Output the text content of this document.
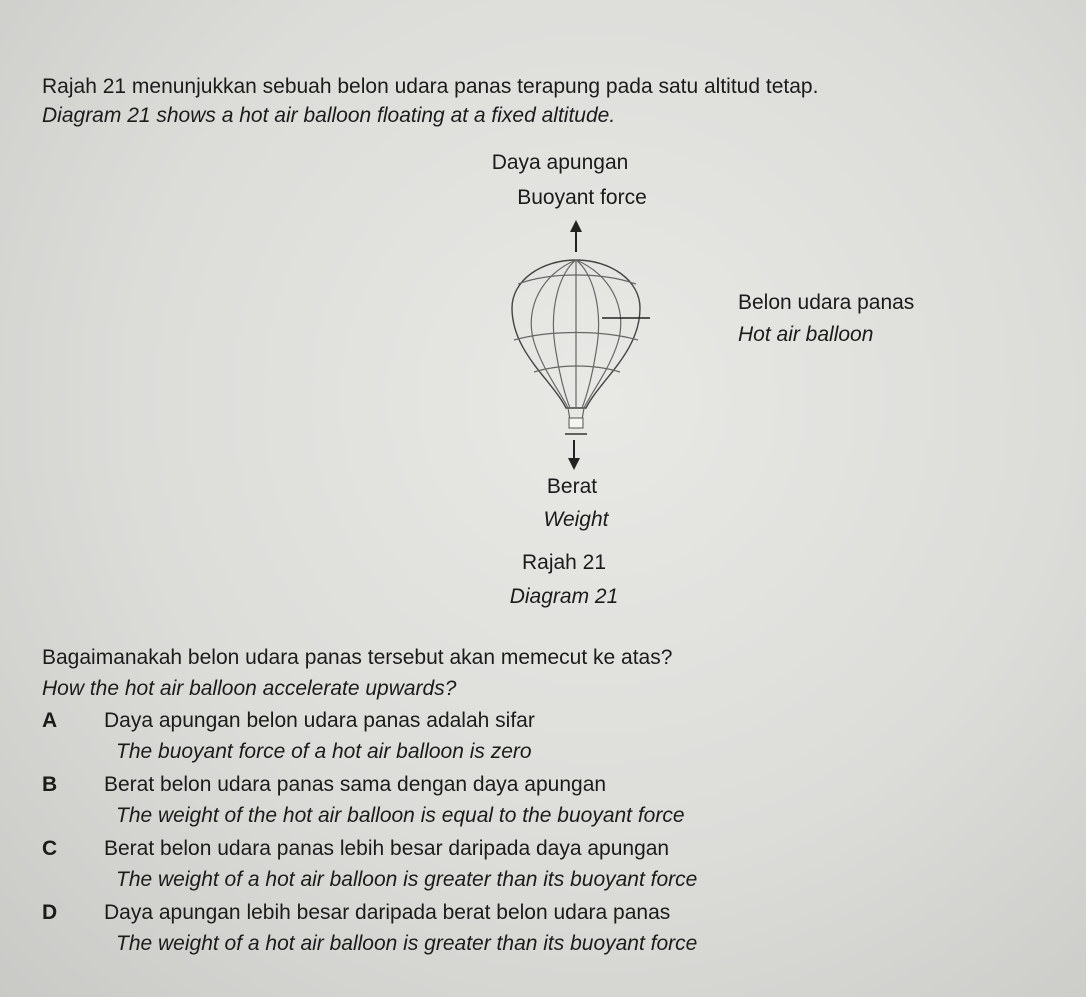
Rajah 21 menunjukkan sebuah belon udara panas terapung pada satu altitud tetap.
Diagram 21 shows a hot air balloon floating at a fixed altitude.
Daya apungan
Buoyant force
Belon udara panas
Hot air balloon
Berat
Weight
Rajah 21
Diagram 21
Bagaimanakah belon udara panas tersebut akan memecut ke atas?
How the hot air balloon accelerate upwards?
A Daya apungan belon udara panas adalah sifar
The buoyant force of a hot air balloon is zero
B Berat belon udara panas sama dengan daya apungan
The weight of the hot air balloon is equal to the buoyant force
C Berat belon udara panas lebih besar daripada daya apungan
The weight of a hot air balloon is greater than its buoyant force
D Daya apungan lebih besar daripada berat belon udara panas
The weight of a hot air balloon is greater than its buoyant force
